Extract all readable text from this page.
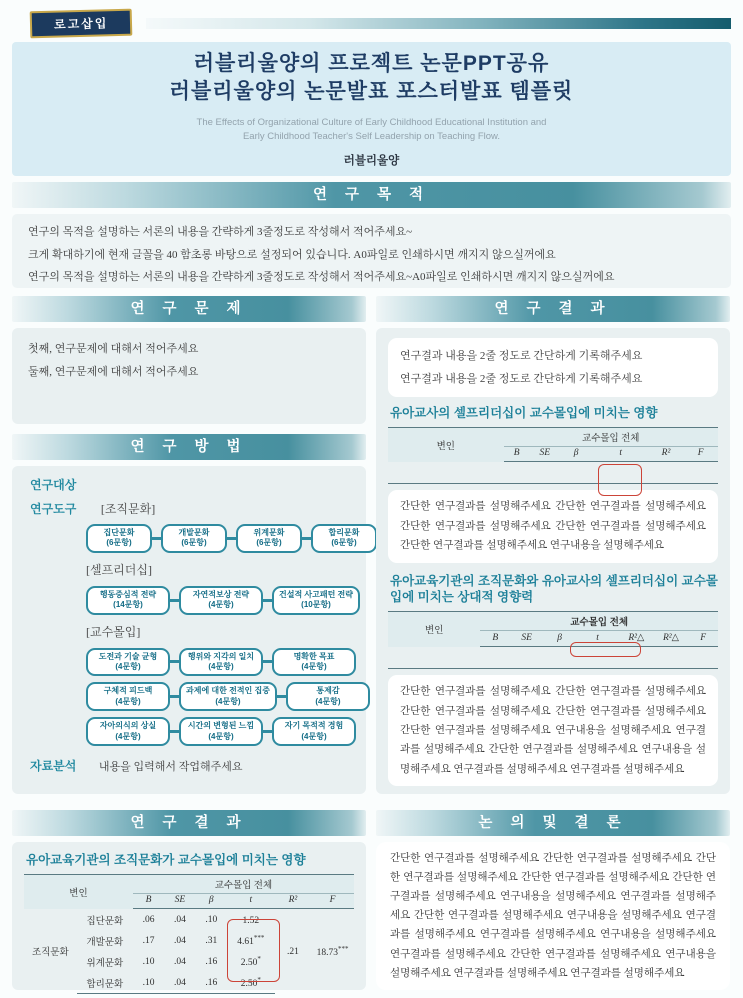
로고삽입
러블리울양의 프로젝트 논문PPT공유
러블리울양의 논문발표 포스터발표 템플릿
The Effects of Organizational Culture of Early Childhood Educational Institution and
Early Childhood Teacher's Self Leadership on Teaching Flow.
러블리울양
연 구 목 적
연구의 목적을 설명하는 서론의 내용을 간략하게 3줄정도로 작성해서 적어주세요~
크게 확대하기에 현재 글꼴을 40 함초롱 바탕으로 설정되어 있습니다. A0파일로 인쇄하시면 깨지지 않으실꺼에요
연구의 목적을 설명하는 서론의 내용을 간략하게 3줄정도로 작성해서 적어주세요~A0파일로 인쇄하시면 깨지지 않으실꺼에요
연 구 문 제
첫째, 연구문제에 대해서 적어주세요
둘째, 연구문제에 대해서 적어주세요
연 구 방 법
연구대상
연구도구 [조직문화]
집단문화
(6문항)
개발문화
(6문항)
위계문화
(6문항)
합리문화
(6문항)
[셀프리더십]
행동중심적 전략
(14문항)
자연적보상 전략
(4문항)
건설적 사고패턴 전략
(10문항)
[교수몰입]
도전과 기술 균형
(4문항)
행위와 지각의 일치
(4문항)
명확한 목표
(4문항)
구체적 피드백
(4문항)
과제에 대한 전적인 집중
(4문항)
통제감
(4문항)
자아의식의 상실
(4문항)
시간의 변형된 느낌
(4문항)
자기 목적적 경험
(4문항)
자료분석 내용을 입력해서 작업해주세요
연 구 결 과
유아교육기관의 조직문화가 교수몰입에 미치는 영향
변인		교수몰입 전체					
		B	SE	β	t	R²	F
조직문화	집단문화	.06	.04	.10	1.52	.21	18.73***
	개발문화	.17	.04	.31	4.61***
	위계문화	.10	.04	.16	2.50*
	합리문화	.10	.04	.16	2.50*
연 구 결 과
연구결과 내용을 2줄 정도로 간단하게 기록해주세요
연구결과 내용을 2줄 정도로 간단하게 기록해주세요
유아교사의 셀프리더십이 교수몰입에 미치는 영향
변인	교수몰입 전체					
	B	SE	β	t	R²	F

간단한 연구결과를 설명해주세요 간단한 연구결과를 설명해주세요 간단한 연구결과를 설명해주세요 간단한 연구결과를 설명해주세요 간단한 연구결과를 설명해주세요 연구내용을 설명해주세요
유아교육기관의 조직문화와 유아교사의 셀프리더십이 교수몰입에 미치는 상대적 영향력
변인	교수몰입 전체						
	B	SE	β	t	R²△	R²△	F

간단한 연구결과를 설명해주세요 간단한 연구결과를 설명해주세요 간단한 연구결과를 설명해주세요 간단한 연구결과를 설명해주세요 간단한 연구결과를 설명해주세요 연구내용을 설명해주세요 연구결과를 설명해주세요 간단한 연구결과를 설명해주세요 연구내용을 설명해주세요 연구결과를 설명해주세요 연구결과를 설명해주세요
논 의 및 결 론
간단한 연구결과를 설명해주세요 간단한 연구결과를 설명해주세요 간단한 연구결과를 설명해주세요 간단한 연구결과를 설명해주세요 간단한 연구결과를 설명해주세요 연구내용을 설명해주세요 연구결과를 설명해주세요 간단한 연구결과를 설명해주세요 연구내용을 설명해주세요 연구결과를 설명해주세요 연구결과를 설명해주세요 연구내용을 설명해주세요 연구결과를 설명해주세요 간단한 연구결과를 설명해주세요 연구내용을 설명해주세요 연구결과를 설명해주세요 연구결과를 설명해주세요
